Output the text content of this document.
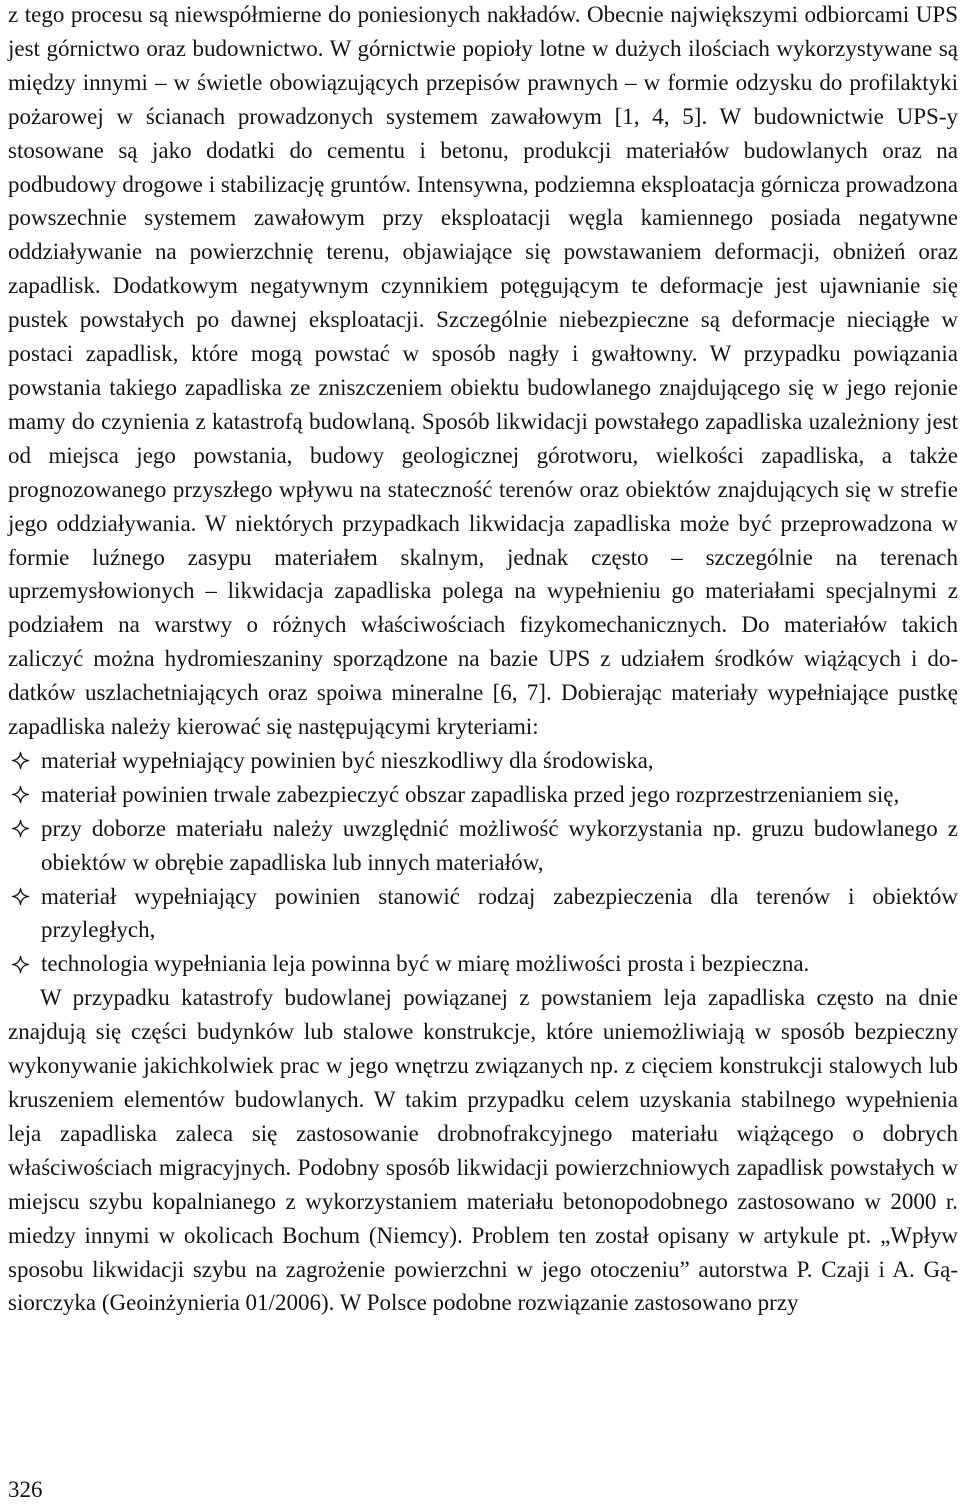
z tego procesu są niewspółmierne do poniesionych nakładów. Obecnie największymi odbiorcami UPS jest górnictwo oraz budownictwo. W górnictwie popioły lotne w dużych ilościach wykorzystywane są między innymi – w świetle obowiązujących przepisów prawnych – w formie odzysku do profilaktyki pożarowej w ścianach prowadzonych systemem zawałowym [1, 4, 5]. W budownictwie UPS-y stosowane są jako dodatki do cementu i betonu, produkcji materiałów budowlanych oraz na podbudowy drogowe i stabilizację gruntów. Intensywna, podziemna eksploatacja górnicza prowadzona powszechnie systemem zawałowym przy eksploatacji węgla kamiennego posiada negatywne oddziaływanie na powierzchnię terenu, objawiające się powstawaniem deformacji, obniżeń oraz zapadlisk. Dodatkowym negatywnym czynnikiem potęgującym te deformacje jest ujawnianie się pustek powstałych po dawnej eksploatacji. Szczególnie niebezpieczne są deformacje nieciągłe w postaci zapadlisk, które mogą powstać w sposób nagły i gwałtowny. W przypadku powiązania powstania takiego zapadliska ze zniszczeniem obiektu budowlanego znajdującego się w jego rejonie mamy do czynienia z katastrofą budowlaną. Sposób likwidacji powstałego zapadliska uzależniony jest od miejsca jego powstania, budowy geologicznej górotworu, wielkości zapadliska, a także prognozowanego przyszłego wpływu na stateczność terenów oraz obiektów znajdujących się w strefie jego oddziaływania. W niektórych przypadkach likwidacja zapadliska może być przeprowadzona w formie luźnego zasypu materiałem skalnym, jednak często – szczególnie na terenach uprzemysłowionych – likwidacja zapadliska polega na wypełnieniu go materiałami specjalnymi z podziałem na warstwy o różnych właściwościach fizykomechanicznych. Do materiałów takich zaliczyć można hydromieszaniny sporządzone na bazie UPS z udziałem środków wiążących i dodatków uszlachetniających oraz spoiwa mineralne [6, 7]. Dobierając materiały wypełniające pustkę zapadliska należy kierować się następującymi kryteriami:

materiał wypełniający powinien być nieszkodliwy dla środowiska,
materiał powinien trwale zabezpieczyć obszar zapadliska przed jego rozprzestrzenianiem się,
przy doborze materiału należy uwzględnić możliwość wykorzystania np. gruzu budowlanego z obiektów w obrębie zapadliska lub innych materiałów,
materiał wypełniający powinien stanowić rodzaj zabezpieczenia dla terenów i obiektów przyległych,
technologia wypełniania leja powinna być w miarę możliwości prosta i bezpieczna.

W przypadku katastrofy budowlanej powiązanej z powstaniem leja zapadliska często na dnie znajdują się części budynków lub stalowe konstrukcje, które uniemożliwiają w sposób bezpieczny wykonywanie jakichkolwiek prac w jego wnętrzu związanych np. z cięciem konstrukcji stalowych lub kruszeniem elementów budowlanych. W takim przypadku celem uzyskania stabilnego wypełnienia leja zapadliska zaleca się zastosowanie drobnofrakcyjnego materiału wiążącego o dobrych właściwościach migracyjnych. Podobny sposób likwidacji powierzchniowych zapadlisk powstałych w miejscu szybu kopalnianego z wykorzystaniem materiału betonopodobnego zastosowano w 2000 r. miedzy innymi w okolicach Bochum (Niemcy). Problem ten został opisany w artykule pt. „Wpływ sposobu likwidacji szybu na zagrożenie powierzchni w jego otoczeniu” autorstwa P. Czaji i A. Gąsiorczyka (Geoinżynieria 01/2006). W Polsce podobne rozwiązanie zastosowano przy

326
